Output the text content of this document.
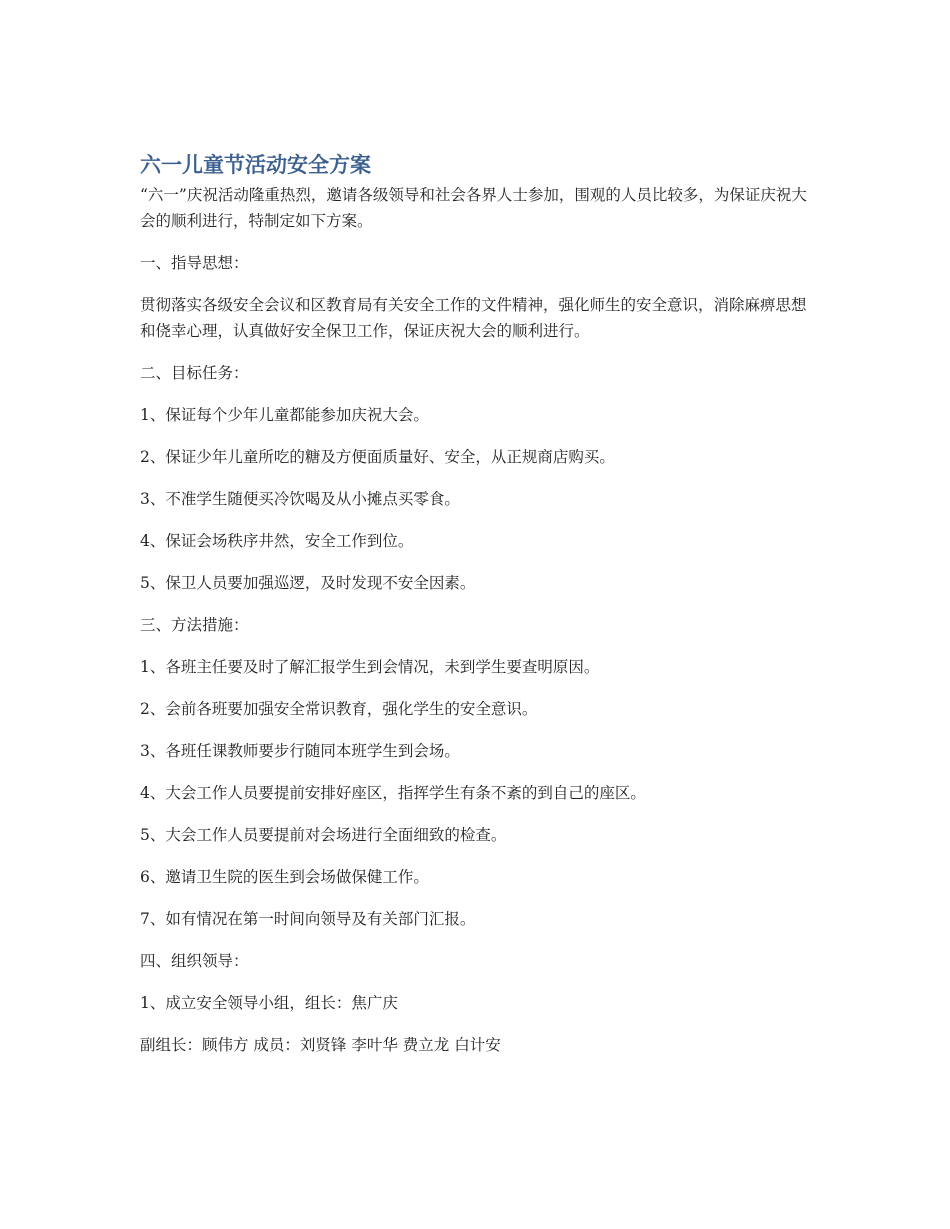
六一儿童节活动安全方案

“六一”庆祝活动隆重热烈，邀请各级领导和社会各界人士参加，围观的人员比较多，为保证庆祝大会的顺利进行，特制定如下方案。

一、指导思想：

贯彻落实各级安全会议和区教育局有关安全工作的文件精神，强化师生的安全意识，消除麻痹思想和侥幸心理，认真做好安全保卫工作，保证庆祝大会的顺利进行。

二、目标任务：

1、保证每个少年儿童都能参加庆祝大会。

2、保证少年儿童所吃的糖及方便面质量好、安全，从正规商店购买。

3、不准学生随便买冷饮喝及从小摊点买零食。

4、保证会场秩序井然，安全工作到位。

5、保卫人员要加强巡逻，及时发现不安全因素。

三、方法措施：

1、各班主任要及时了解汇报学生到会情况，未到学生要查明原因。

2、会前各班要加强安全常识教育，强化学生的安全意识。

3、各班任课教师要步行随同本班学生到会场。

4、大会工作人员要提前安排好座区，指挥学生有条不紊的到自己的座区。

5、大会工作人员要提前对会场进行全面细致的检查。

6、邀请卫生院的医生到会场做保健工作。

7、如有情况在第一时间向领导及有关部门汇报。

四、组织领导：

1、成立安全领导小组，组长：焦广庆

副组长：顾伟方 成员：刘贤锋 李叶华 费立龙 白计安
